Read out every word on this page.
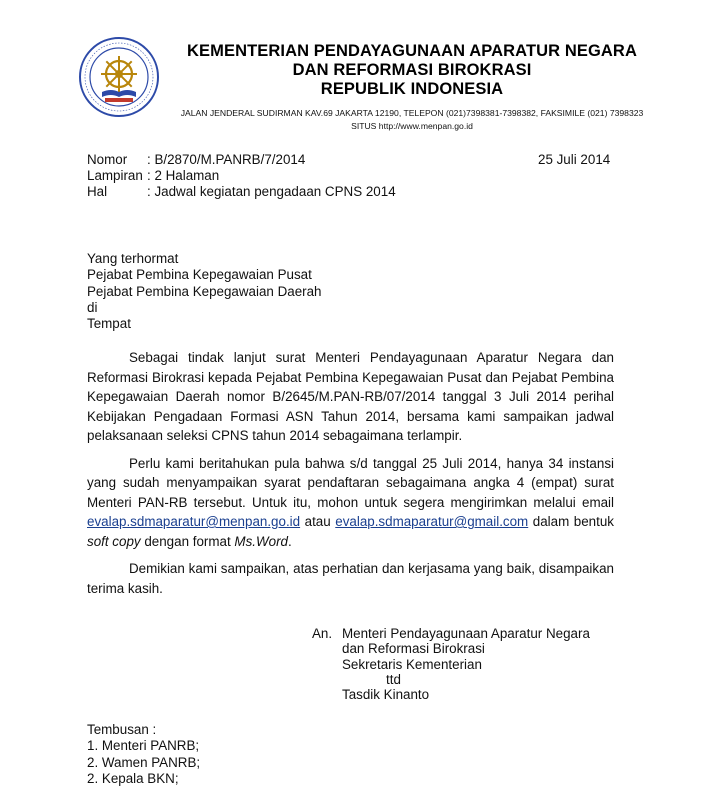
KEMENTERIAN PENDAYAGUNAAN APARATUR NEGARA
DAN REFORMASI BIROKRASI
REPUBLIK INDONESIA
JALAN JENDERAL SUDIRMAN KAV.69 JAKARTA 12190, TELEPON (021)7398381-7398382, FAKSIMILE (021) 7398323
SITUS http://www.menpan.go.id
Nomor	: B/2870/M.PANRB/7/2014
Lampiran : 2 Halaman
Hal	: Jadwal kegiatan pengadaan CPNS 2014
25 Juli 2014
Yang terhormat
Pejabat Pembina Kepegawaian Pusat
Pejabat Pembina Kepegawaian Daerah
di
Tempat

Sebagai tindak lanjut surat Menteri Pendayagunaan Aparatur Negara dan Reformasi Birokrasi kepada Pejabat Pembina Kepegawaian Pusat dan Pejabat Pembina Kepegawaian Daerah nomor B/2645/M.PAN-RB/07/2014 tanggal 3 Juli 2014 perihal Kebijakan Pengadaan Formasi ASN Tahun 2014, bersama kami sampaikan jadwal pelaksanaan seleksi CPNS tahun 2014 sebagaimana terlampir.

Perlu kami beritahukan pula bahwa s/d tanggal 25 Juli 2014, hanya 34 instansi yang sudah menyampaikan syarat pendaftaran sebagaimana angka 4 (empat) surat Menteri PAN-RB tersebut. Untuk itu, mohon untuk segera mengirimkan melalui email evalap.sdmaparatur@menpan.go.id atau evalap.sdmaparatur@gmail.com dalam bentuk soft copy dengan format Ms.Word.

Demikian kami sampaikan, atas perhatian dan kerjasama yang baik, disampaikan terima kasih.

An. Menteri Pendayagunaan Aparatur Negara
dan Reformasi Birokrasi
Sekretaris Kementerian
ttd
Tasdik Kinanto
Tembusan :
1. Menteri PANRB;
2. Wamen PANRB;
2. Kepala BKN;
